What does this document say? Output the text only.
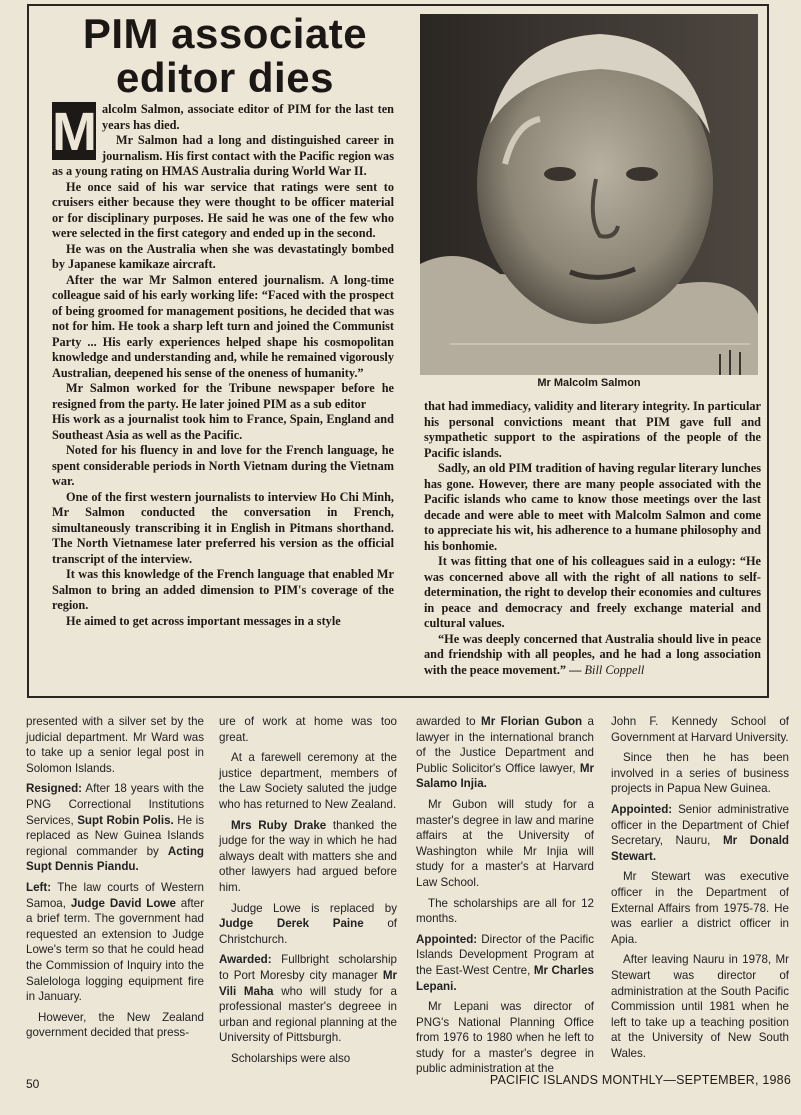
PIM associate
editor dies

M alcolm Salmon, associate editor of PIM for the last ten years has died.

Mr Salmon had a long and distinguished career in journalism. His first contact with the Pacific region was as a young rating on HMAS Australia during World War II.

He once said of his war service that ratings were sent to cruisers either because they were thought to be officer material or for disciplinary purposes. He said he was one of the few who were selected in the first category and ended up in the second.

He was on the Australia when she was devastatingly bombed by Japanese kamikaze aircraft.

After the war Mr Salmon entered journalism. A long-time colleague said of his early working life: “Faced with the prospect of being groomed for management positions, he decided that was not for him. He took a sharp left turn and joined the Communist Party ... His early experiences helped shape his cosmopolitan knowledge and understanding and, while he remained vigorously Australian, deepened his sense of the oneness of humanity.”

Mr Salmon worked for the Tribune newspaper before he resigned from the party. He later joined PIM as a sub editor

His work as a journalist took him to France, Spain, England and Southeast Asia as well as the Pacific.

Noted for his fluency in and love for the French language, he spent considerable periods in North Vietnam during the Vietnam war.

One of the first western journalists to interview Ho Chi Minh, Mr Salmon conducted the conversation in French, simultaneously transcribing it in English in Pitmans shorthand. The North Vietnamese later preferred his version as the official transcript of the interview.

It was this knowledge of the French language that enabled Mr Salmon to bring an added dimension to PIM's coverage of the region.

He aimed to get across important messages in a style

Mr Malcolm Salmon

that had immediacy, validity and literary integrity. In particular his personal convictions meant that PIM gave full and sympathetic support to the aspirations of the people of the Pacific islands.

Sadly, an old PIM tradition of having regular literary lunches has gone. However, there are many people associated with the Pacific islands who came to know those meetings over the last decade and were able to meet with Malcolm Salmon and come to appreciate his wit, his adherence to a humane philosophy and his bonhomie.

It was fitting that one of his colleagues said in a eulogy: “He was concerned above all with the right of all nations to self-determination, the right to develop their economies and cultures in peace and democracy and freely exchange material and cultural values.

“He was deeply concerned that Australia should live in peace and friendship with all peoples, and he had a long association with the peace movement.” — Bill Coppell

presented with a silver set by the judicial department. Mr Ward was to take up a senior legal post in Solomon Islands.

Resigned: After 18 years with the PNG Correctional Institutions Services, Supt Robin Polis. He is replaced as New Guinea Islands regional commander by Acting Supt Dennis Piandu.

Left: The law courts of Western Samoa, Judge David Lowe after a brief term. The government had requested an extension to Judge Lowe's term so that he could head the Commission of Inquiry into the Salelologa logging equipment fire in January.

However, the New Zealand government decided that press-

ure of work at home was too great.

At a farewell ceremony at the justice department, members of the Law Society saluted the judge who has returned to New Zealand.

Mrs Ruby Drake thanked the judge for the way in which he had always dealt with matters she and other lawyers had argued before him.

Judge Lowe is replaced by Judge Derek Paine of Christchurch.

Awarded: Fullbright scholarship to Port Moresby city manager Mr Vili Maha who will study for a professional master's degreee in urban and regional planning at the University of Pittsburgh.

Scholarships were also

awarded to Mr Florian Gubon a lawyer in the international branch of the Justice Department and Public Solicitor's Office lawyer, Mr Salamo Injia.

Mr Gubon will study for a master's degree in law and marine affairs at the University of Washington while Mr Injia will study for a master's at Harvard Law School.

The scholarships are all for 12 months.

Appointed: Director of the Pacific Islands Development Program at the East-West Centre, Mr Charles Lepani.

Mr Lepani was director of PNG's National Planning Office from 1976 to 1980 when he left to study for a master's degree in public administration at the

John F. Kennedy School of Government at Harvard University.

Since then he has been involved in a series of business projects in Papua New Guinea.

Appointed: Senior administrative officer in the Department of Chief Secretary, Nauru, Mr Donald Stewart.

Mr Stewart was executive officer in the Department of External Affairs from 1975-78. He was earlier a district officer in Apia.

After leaving Nauru in 1978, Mr Stewart was director of administration at the South Pacific Commission until 1981 when he left to take up a teaching position at the University of New South Wales.

50	PACIFIC ISLANDS MONTHLY—SEPTEMBER, 1986
